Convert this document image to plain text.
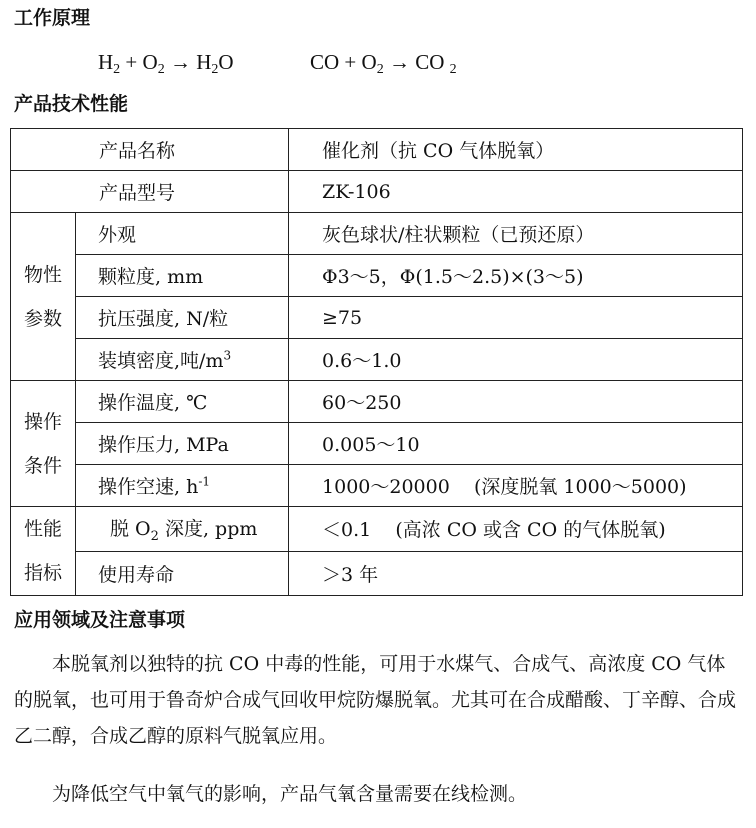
工作原理
$H_2 + O_2 \to H_2O$	CO + $O_2$ → CO $_2$
产品技术性能
产品名称		催化剂（抗 CO 气体脱氧）
产品型号		ZK-106

物性
参数	外观	灰色球状/柱状颗粒（已预还原）
	颗粒度, mm	Φ3～5，Φ(1.5～2.5)×(3～5)
	抗压强度, N/粒	≥75
	装填密度,吨$/m^3$	0.6～1.0

操作
条件	操作温度, ℃	60～250
	操作压力, MPa	0.005～10
	操作空速, $h^{-1}$	1000～20000    (深度脱氧 1000～5000)

性能
指标	脱 $O_2$ 深度, ppm	＜0.1    (高浓 CO 或含 CO 的气体脱氧)
	使用寿命	＞3 年
应用领域及注意事项
本脱氧剂以独特的抗 CO 中毒的性能，可用于水煤气、合成气、高浓度 CO 气体的脱氧，也可用于鲁奇炉合成气回收甲烷防爆脱氧。尤其可在合成醋酸、丁辛醇、合成乙二醇，合成乙醇的原料气脱氧应用。
为降低空气中氧气的影响，产品气氧含量需要在线检测。
